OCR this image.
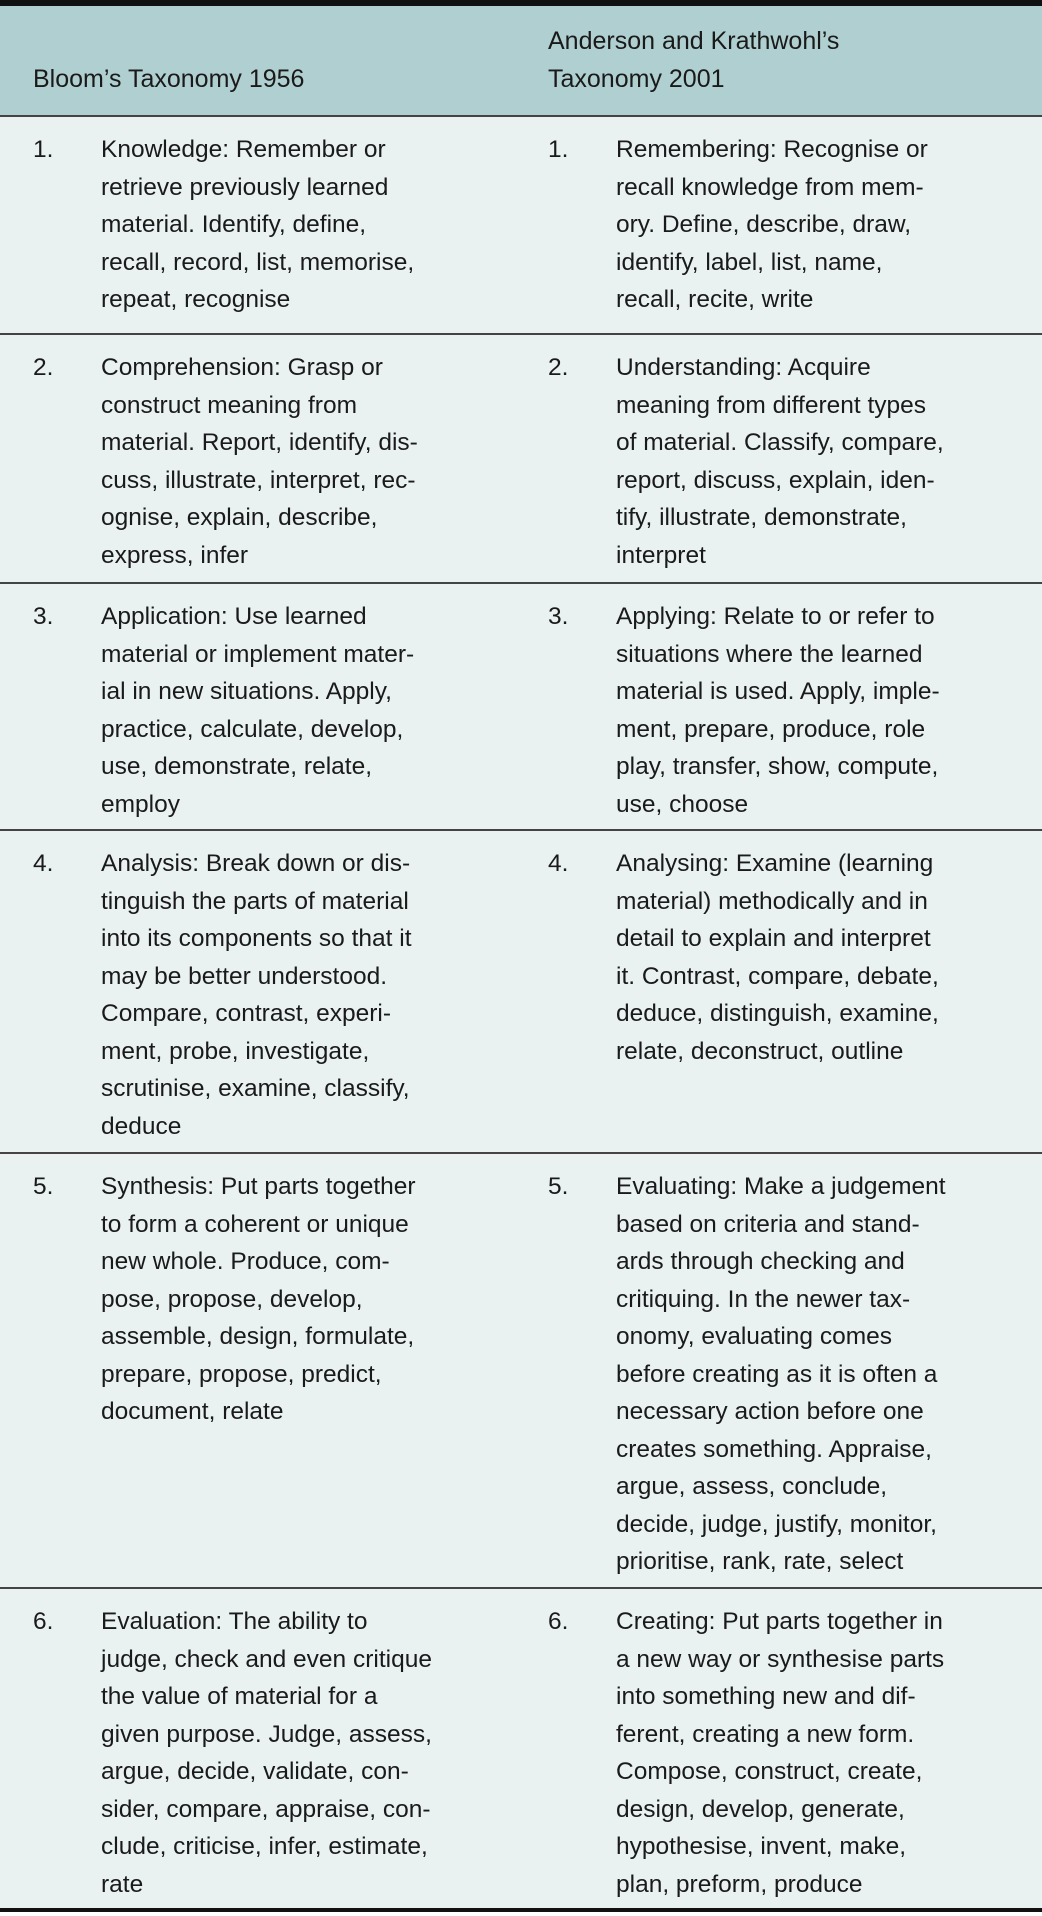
Bloom’s Taxonomy 1956
Anderson and Krathwohl’s
Taxonomy 2001
1. Knowledge: Remember or
retrieve previously learned
material. Identify, define,
recall, record, list, memorise,
repeat, recognise
1. Remembering: Recognise or
recall knowledge from mem-
ory. Define, describe, draw,
identify, label, list, name,
recall, recite, write
2. Comprehension: Grasp or
construct meaning from
material. Report, identify, dis-
cuss, illustrate, interpret, rec-
ognise, explain, describe,
express, infer
2. Understanding: Acquire
meaning from different types
of material. Classify, compare,
report, discuss, explain, iden-
tify, illustrate, demonstrate,
interpret
3. Application: Use learned
material or implement mater-
ial in new situations. Apply,
practice, calculate, develop,
use, demonstrate, relate,
employ
3. Applying: Relate to or refer to
situations where the learned
material is used. Apply, imple-
ment, prepare, produce, role
play, transfer, show, compute,
use, choose
4. Analysis: Break down or dis-
tinguish the parts of material
into its components so that it
may be better understood.
Compare, contrast, experi-
ment, probe, investigate,
scrutinise, examine, classify,
deduce
4. Analysing: Examine (learning
material) methodically and in
detail to explain and interpret
it. Contrast, compare, debate,
deduce, distinguish, examine,
relate, deconstruct, outline
5. Synthesis: Put parts together
to form a coherent or unique
new whole. Produce, com-
pose, propose, develop,
assemble, design, formulate,
prepare, propose, predict,
document, relate
5. Evaluating: Make a judgement
based on criteria and stand-
ards through checking and
critiquing. In the newer tax-
onomy, evaluating comes
before creating as it is often a
necessary action before one
creates something. Appraise,
argue, assess, conclude,
decide, judge, justify, monitor,
prioritise, rank, rate, select
6. Evaluation: The ability to
judge, check and even critique
the value of material for a
given purpose. Judge, assess,
argue, decide, validate, con-
sider, compare, appraise, con-
clude, criticise, infer, estimate,
rate
6. Creating: Put parts together in
a new way or synthesise parts
into something new and dif-
ferent, creating a new form.
Compose, construct, create,
design, develop, generate,
hypothesise, invent, make,
plan, preform, produce
